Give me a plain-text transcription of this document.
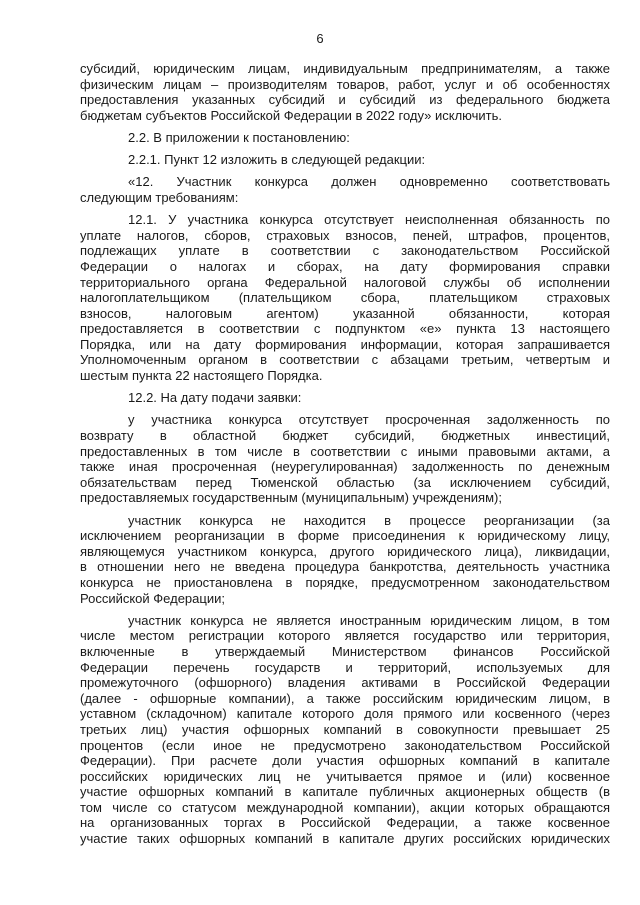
6
субсидий, юридическим лицам, индивидуальным предпринимателям, а также
физическим лицам – производителям товаров, работ, услуг и об особенностях
предоставления указанных субсидий и субсидий из федерального бюджета
бюджетам субъектов Российской Федерации в 2022 году» исключить.
2.2. В приложении к постановлению:
2.2.1. Пункт 12 изложить в следующей редакции:
«12. Участник конкурса должен одновременно соответствовать
следующим требованиям:
12.1. У участника конкурса отсутствует неисполненная обязанность по
уплате налогов, сборов, страховых взносов, пеней, штрафов, процентов,
подлежащих уплате в соответствии с законодательством Российской
Федерации о налогах и сборах, на дату формирования справки
территориального органа Федеральной налоговой службы об исполнении
налогоплательщиком (плательщиком сбора, плательщиком страховых
взносов, налоговым агентом) указанной обязанности, которая
предоставляется в соответствии с подпунктом «е» пункта 13 настоящего
Порядка, или на дату формирования информации, которая запрашивается
Уполномоченным органом в соответствии с абзацами третьим, четвертым и
шестым пункта 22 настоящего Порядка.
12.2. На дату подачи заявки:
у участника конкурса отсутствует просроченная задолженность по
возврату в областной бюджет субсидий, бюджетных инвестиций,
предоставленных в том числе в соответствии с иными правовыми актами, а
также иная просроченная (неурегулированная) задолженность по денежным
обязательствам перед Тюменской областью (за исключением субсидий,
предоставляемых государственным (муниципальным) учреждениям);
участник конкурса не находится в процессе реорганизации (за
исключением реорганизации в форме присоединения к юридическому лицу,
являющемуся участником конкурса, другого юридического лица), ликвидации,
в отношении него не введена процедура банкротства, деятельность участника
конкурса не приостановлена в порядке, предусмотренном законодательством
Российской Федерации;
участник конкурса не является иностранным юридическим лицом, в том
числе местом регистрации которого является государство или территория,
включенные в утверждаемый Министерством финансов Российской
Федерации перечень государств и территорий, используемых для
промежуточного (офшорного) владения активами в Российской Федерации
(далее - офшорные компании), а также российским юридическим лицом, в
уставном (складочном) капитале которого доля прямого или косвенного (через
третьих лиц) участия офшорных компаний в совокупности превышает 25
процентов (если иное не предусмотрено законодательством Российской
Федерации). При расчете доли участия офшорных компаний в капитале
российских юридических лиц не учитывается прямое и (или) косвенное
участие офшорных компаний в капитале публичных акционерных обществ (в
том числе со статусом международной компании), акции которых обращаются
на организованных торгах в Российской Федерации, а также косвенное
участие таких офшорных компаний в капитале других российских юридических
